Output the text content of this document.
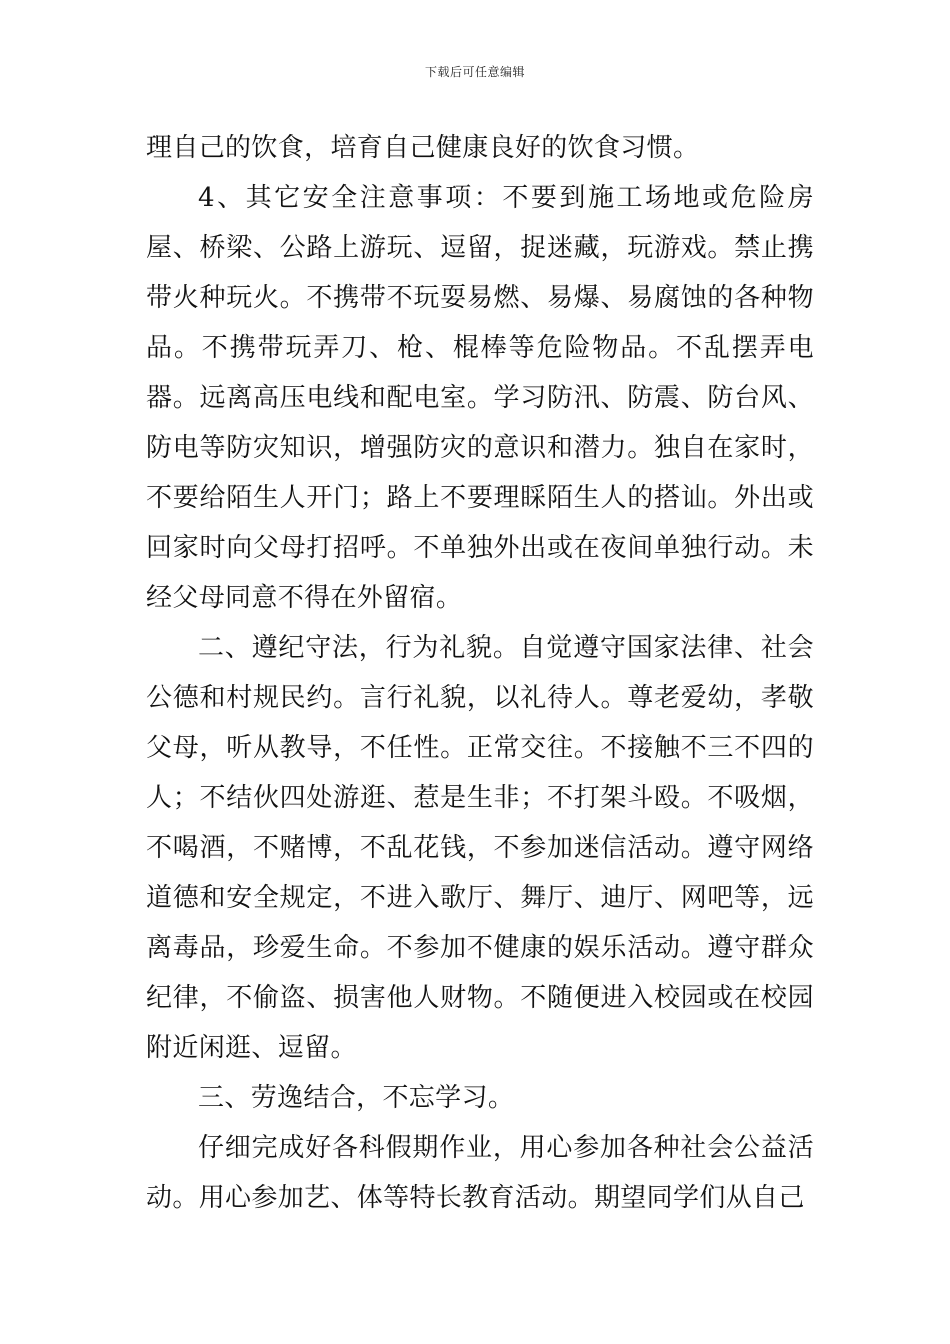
下载后可任意编辑

理自己的饮食，培育自己健康良好的饮食习惯。

4、其它安全注意事项：不要到施工场地或危险房屋、桥梁、公路上游玩、逗留，捉迷藏，玩游戏。禁止携带火种玩火。不携带不玩耍易燃、易爆、易腐蚀的各种物品。不携带玩弄刀、枪、棍棒等危险物品。不乱摆弄电器。远离高压电线和配电室。学习防汛、防震、防台风、防电等防灾知识，增强防灾的意识和潜力。独自在家时，不要给陌生人开门；路上不要理睬陌生人的搭讪。外出或回家时向父母打招呼。不单独外出或在夜间单独行动。未经父母同意不得在外留宿。

二、遵纪守法，行为礼貌。自觉遵守国家法律、社会公德和村规民约。言行礼貌，以礼待人。尊老爱幼，孝敬父母，听从教导，不任性。正常交往。不接触不三不四的人；不结伙四处游逛、惹是生非；不打架斗殴。不吸烟，不喝酒，不赌博，不乱花钱，不参加迷信活动。遵守网络道德和安全规定，不进入歌厅、舞厅、迪厅、网吧等，远离毒品，珍爱生命。不参加不健康的娱乐活动。遵守群众纪律，不偷盗、损害他人财物。不随便进入校园或在校园附近闲逛、逗留。

三、劳逸结合，不忘学习。

仔细完成好各科假期作业，用心参加各种社会公益活动。用心参加艺、体等特长教育活动。期望同学们从自己
